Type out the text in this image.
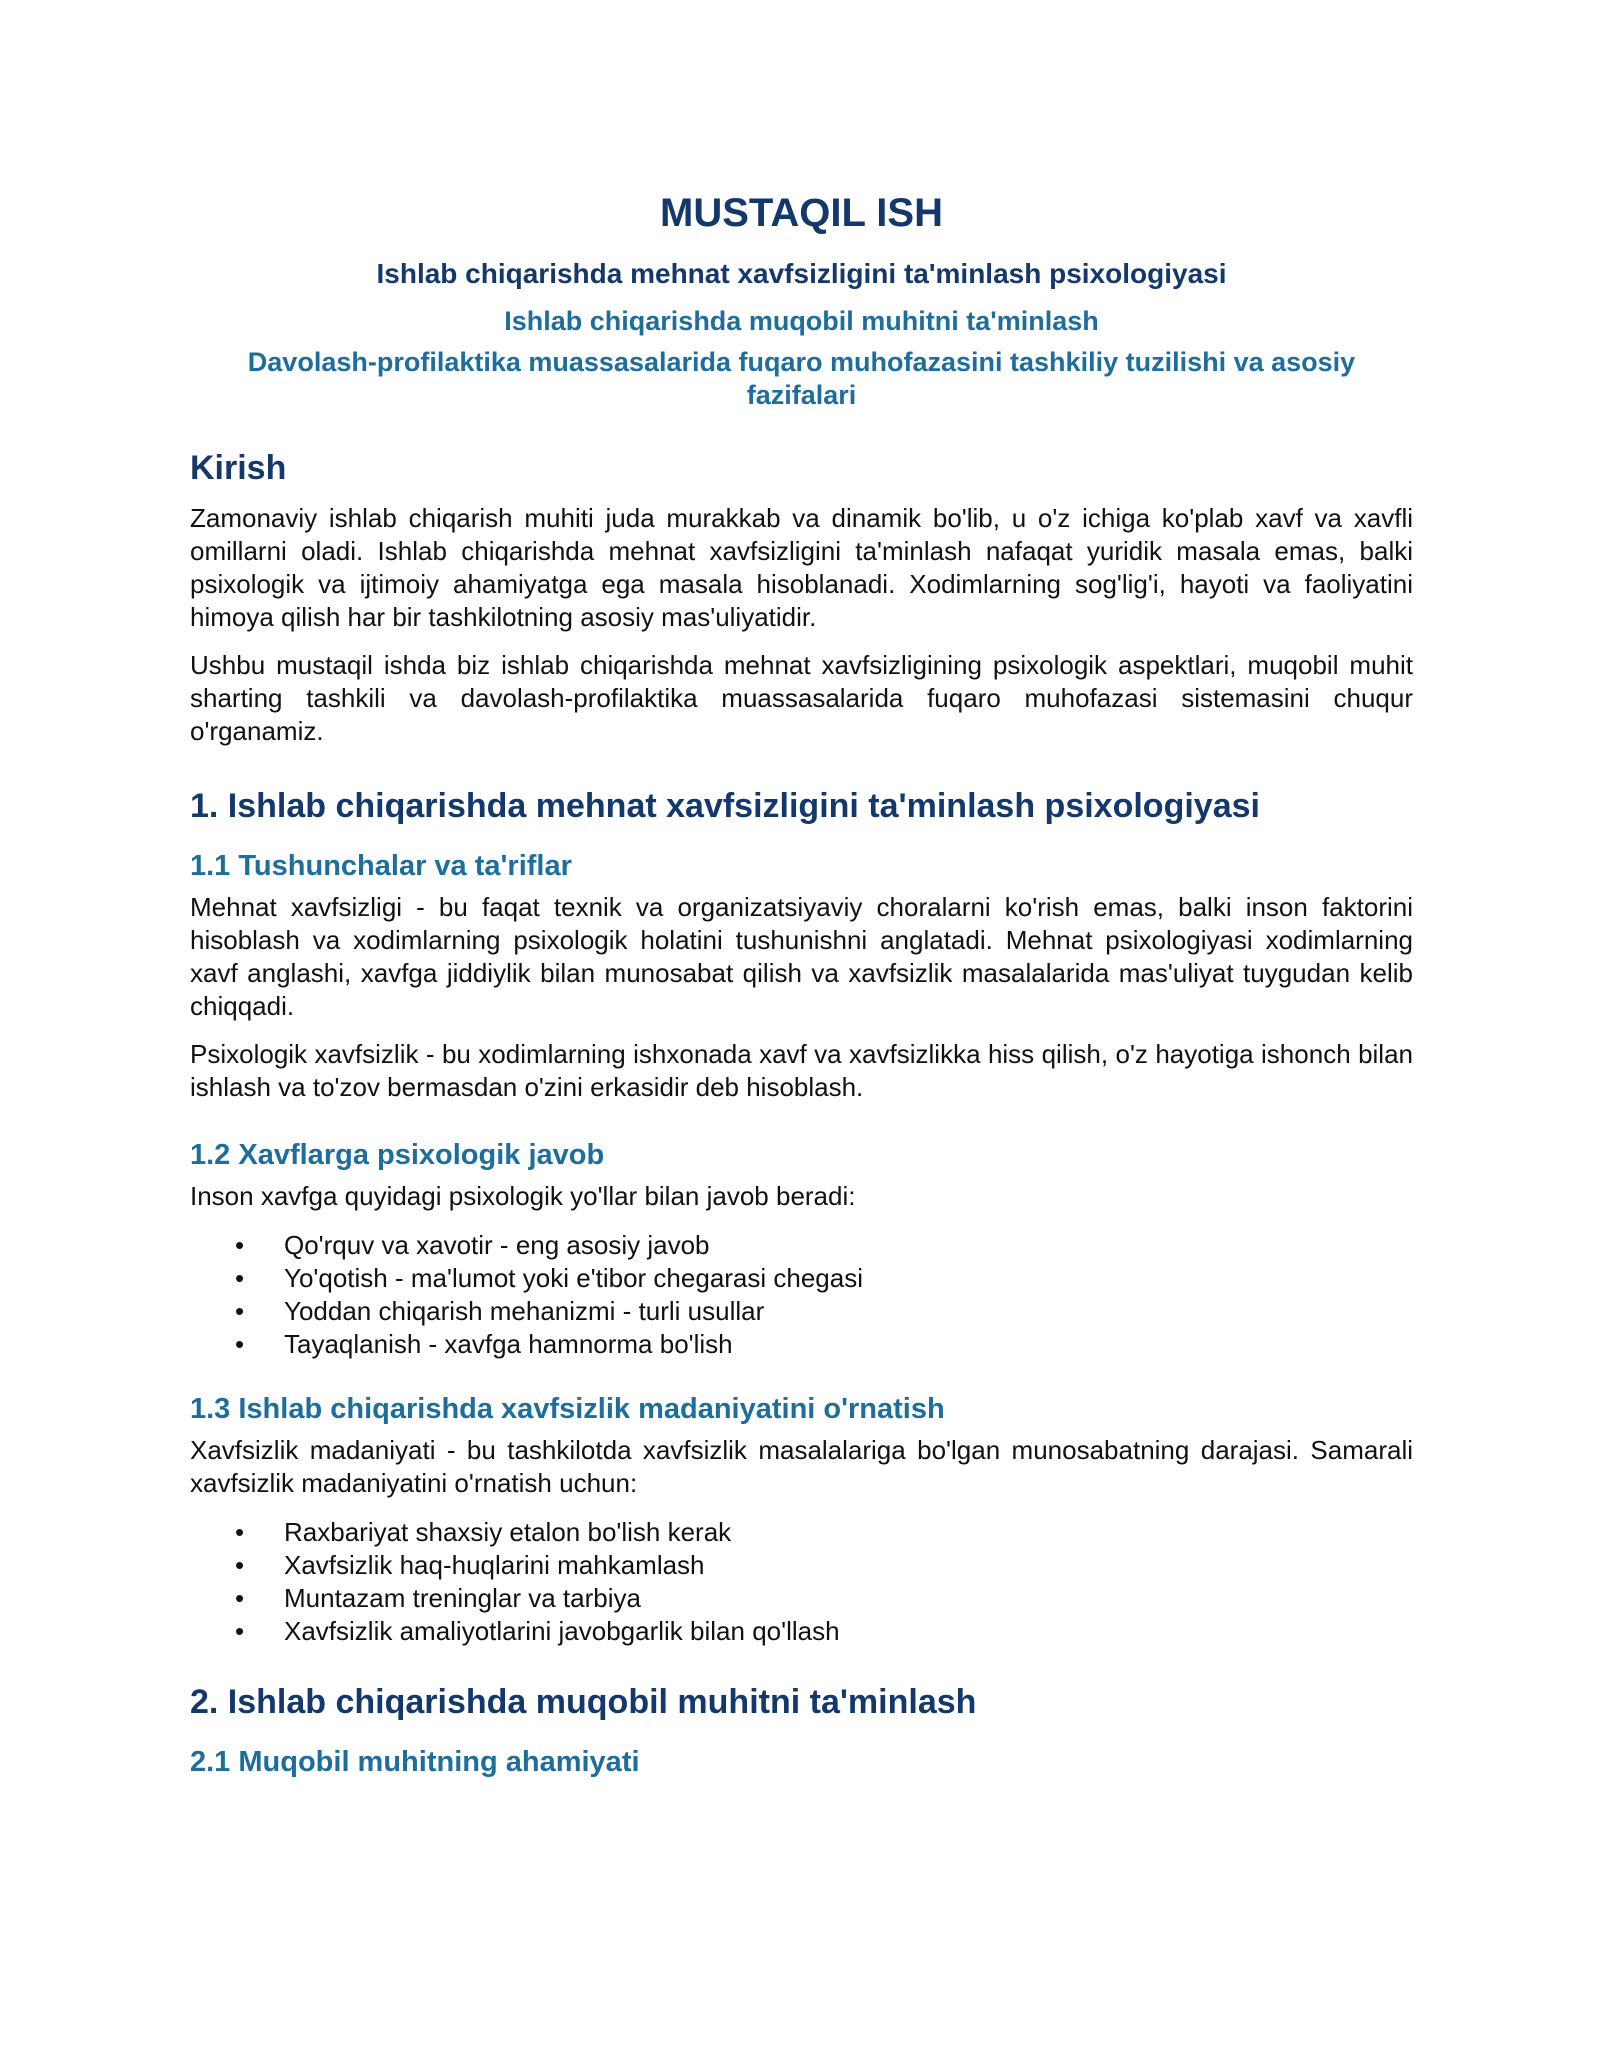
MUSTAQIL ISH
Ishlab chiqarishda mehnat xavfsizligini ta'minlash psixologiyasi
Ishlab chiqarishda muqobil muhitni ta'minlash
Davolash-profilaktika muassasalarida fuqaro muhofazasini tashkiliy tuzilishi va asosiy fazifalari
Kirish

Zamonaviy ishlab chiqarish muhiti juda murakkab va dinamik bo'lib, u o'z ichiga ko'plab xavf va xavfli omillarni oladi. Ishlab chiqarishda mehnat xavfsizligini ta'minlash nafaqat yuridik masala emas, balki psixologik va ijtimoiy ahamiyatga ega masala hisoblanadi. Xodimlarning sog'lig'i, hayoti va faoliyatini himoya qilish har bir tashkilotning asosiy mas'uliyatidir.

Ushbu mustaqil ishda biz ishlab chiqarishda mehnat xavfsizligining psixologik aspektlari, muqobil muhit sharting tashkili va davolash-profilaktika muassasalarida fuqaro muhofazasi sistemasini chuqur o'rganamiz.

1. Ishlab chiqarishda mehnat xavfsizligini ta'minlash psixologiyasi
1.1 Tushunchalar va ta'riflar

Mehnat xavfsizligi - bu faqat texnik va organizatsiyaviy choralarni ko'rish emas, balki inson faktorini hisoblash va xodimlarning psixologik holatini tushunishni anglatadi. Mehnat psixologiyasi xodimlarning xavf anglashi, xavfga jiddiylik bilan munosabat qilish va xavfsizlik masalalarida mas'uliyat tuygudan kelib chiqqadi.

Psixologik xavfsizlik - bu xodimlarning ishxonada xavf va xavfsizlikka hiss qilish, o'z hayotiga ishonch bilan ishlash va to'zov bermasdan o'zini erkasidir deb hisoblash.

1.2 Xavflarga psixologik javob

Inson xavfga quyidagi psixologik yo'llar bilan javob beradi:

• Qo'rquv va xavotir - eng asosiy javob
• Yo'qotish - ma'lumot yoki e'tibor chegarasi chegasi
• Yoddan chiqarish mehanizmi - turli usullar
• Tayaqlanish - xavfga hamnorma bo'lish
1.3 Ishlab chiqarishda xavfsizlik madaniyatini o'rnatish

Xavfsizlik madaniyati - bu tashkilotda xavfsizlik masalalariga bo'lgan munosabatning darajasi. Samarali xavfsizlik madaniyatini o'rnatish uchun:

• Raxbariyat shaxsiy etalon bo'lish kerak
• Xavfsizlik haq-huqlarini mahkamlash
• Muntazam treninglar va tarbiya
• Xavfsizlik amaliyotlarini javobgarlik bilan qo'llash
2. Ishlab chiqarishda muqobil muhitni ta'minlash
2.1 Muqobil muhitning ahamiyati
